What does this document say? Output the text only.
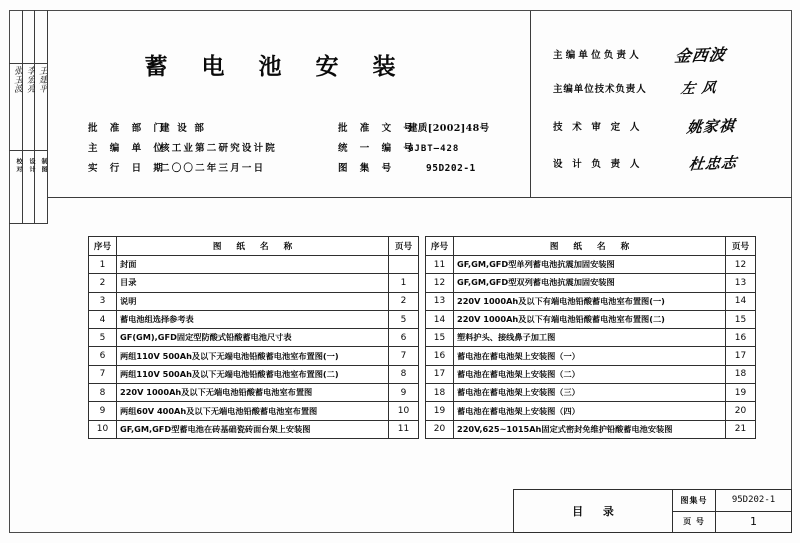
张玉波 李宏亮 王建平
校 对	设 计 制 图
蓄 电 池 安 装
批 准 部 门
建 设 部	批 准 文 号
建质[2002]48号
主 编 单 位
核工业第二研究设计院	统 一 编 号
GJBT—428
实 行 日 期
二〇〇二年三月一日	图 集 号	95D202-1
主编单位负责人	金西波
主编单位技术负责人	左 风
技 术 审 定 人	姚家祺
设 计 负 责 人	杜忠志
序号	图 纸 名 称	页号
1	封面	
2	目录	1
3	说明	2
4	蓄电池组选择参考表	5
5	GF(GM),GFD固定型防酸式铅酸蓄电池尺寸表	6
6	两组110V 500Ah及以下无端电池铅酸蓄电池室布置图(一)	7
7	两组110V 500Ah及以下无端电池铅酸蓄电池室布置图(二)	8
8	220V 1000Ah及以下无端电池铅酸蓄电池室布置图	9
9	两组60V 400Ah及以下无端电池铅酸蓄电池室布置图	10
10	GF,GM,GFD型蓄电池在砖基础瓷砖面台架上安装图	11
序号	图 纸 名 称	页号
11	GF,GM,GFD型单列蓄电池抗震加固安装图	12
12	GF,GM,GFD型双列蓄电池抗震加固安装图	13
13	220V 1000Ah及以下有端电池铅酸蓄电池室布置图(一)	14
14	220V 1000Ah及以下有端电池铅酸蓄电池室布置图(二)	15
15	塑料护头、接线鼻子加工图	16
16	蓄电池在蓄电池架上安装图（一）	17
17	蓄电池在蓄电池架上安装图（二）	18
18	蓄电池在蓄电池架上安装图（三）	19
19	蓄电池在蓄电池架上安装图（四）	20
20	220V,625~1015Ah固定式密封免维护铅酸蓄电池安装图	21
目 录
图集号	95D202-1
页 号	1
